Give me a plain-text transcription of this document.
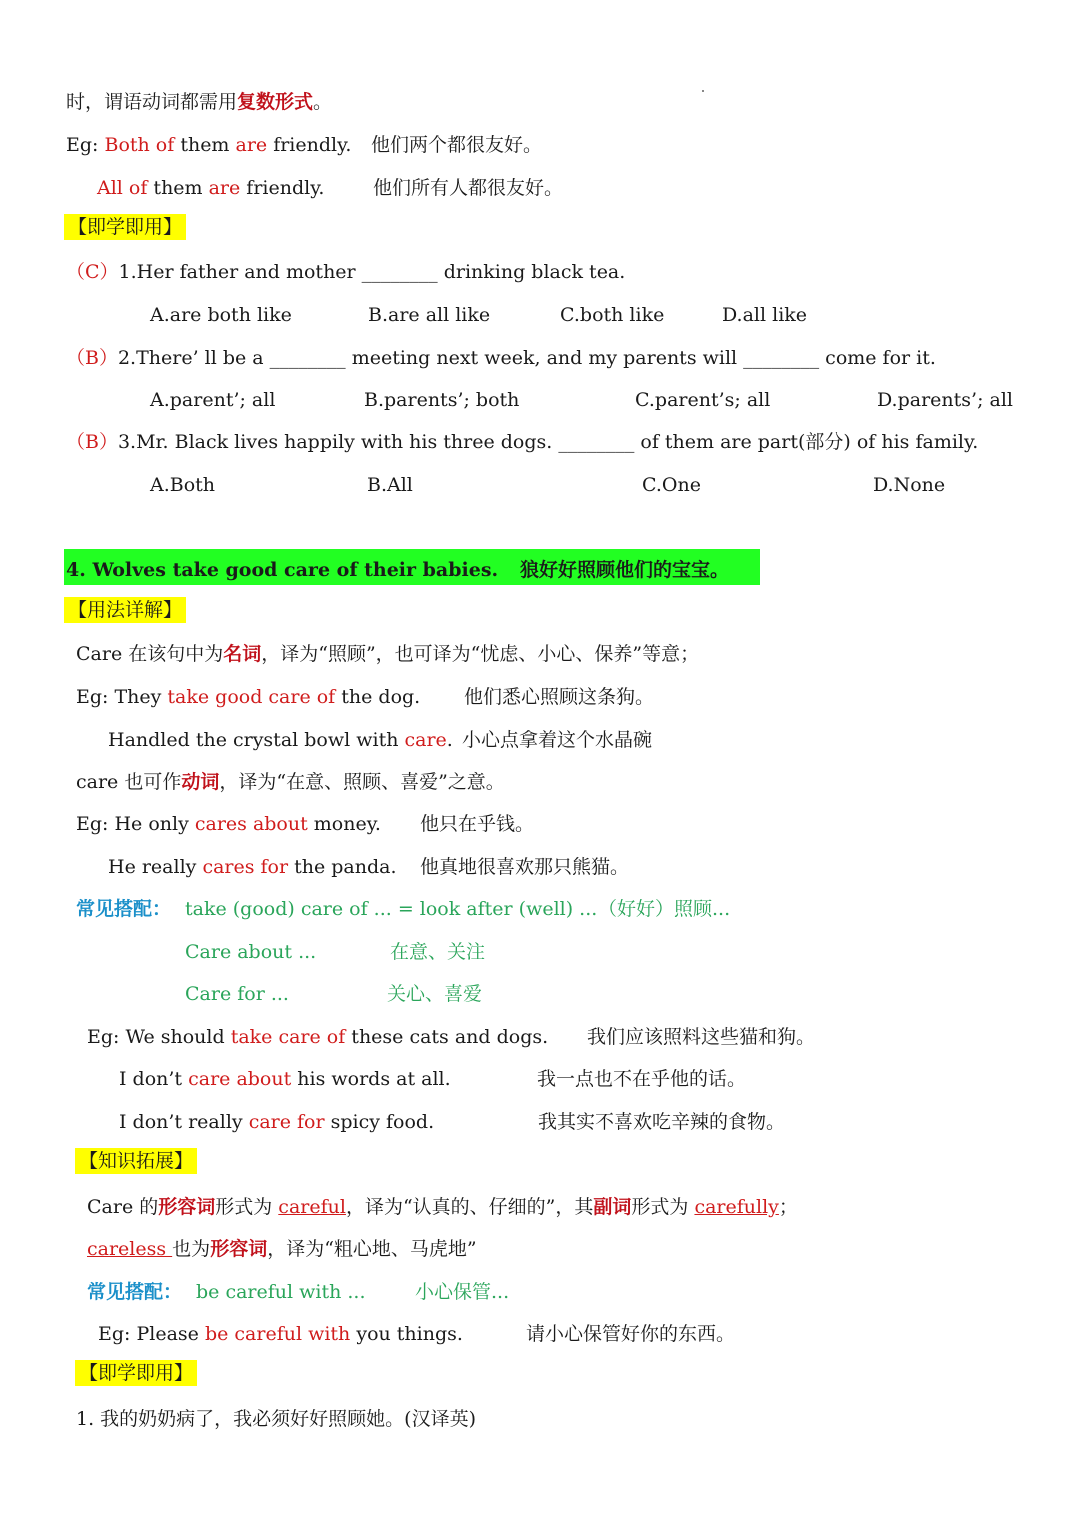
时，谓语动词都需用复数形式。
Eg: Both of them are friendly. 他们两个都很友好。
All of them are friendly.	他们所有人都很友好。
【即学即用】
（C）1.Her father and mother ________ drinking black tea.
A.are both like	B.are all like	C.both like	D.all like
（B）2.There’ ll be a ________ meeting next week, and my parents will ________ come for it.
A.parent’; all	B.parents’; both	C.parent’s; all	D.parents’; all
（B）3.Mr. Black lives happily with his three dogs. ________ of them are part(部分) of his family.
A.Both	B.All	C.One	D.None
4. Wolves take good care of their babies. 狼好好照顾他们的宝宝。
【用法详解】
Care 在该句中为名词，译为“照顾”，也可译为“忧虑、小心、保养”等意；
Eg: They take good care of the dog. 他们悉心照顾这条狗。
Handled the crystal bowl with care. 小心点拿着这个水晶碗
care 也可作动词，译为“在意、照顾、喜爱”之意。
Eg: He only cares about money. 他只在乎钱。
He really cares for the panda. 他真地很喜欢那只熊猫。
常见搭配： take (good) care of ... = look after (well) ... （好好）照顾...
Care about ...	在意、关注
Care for ...	关心、喜爱
Eg: We should take care of these cats and dogs. 我们应该照料这些猫和狗。
I don’t care about his words at all.	我一点也不在乎他的话。
I don’t really care for spicy food.	我其实不喜欢吃辛辣的食物。
【知识拓展】
Care 的形容词形式为 careful，译为“认真的、仔细的”，其副词形式为 carefully；
careless 也为形容词，译为“粗心地、马虎地”
常见搭配： be careful with ...	小心保管...
Eg: Please be careful with you things.	请小心保管好你的东西。
【即学即用】
1. 我的奶奶病了，我必须好好照顾她。(汉译英)
